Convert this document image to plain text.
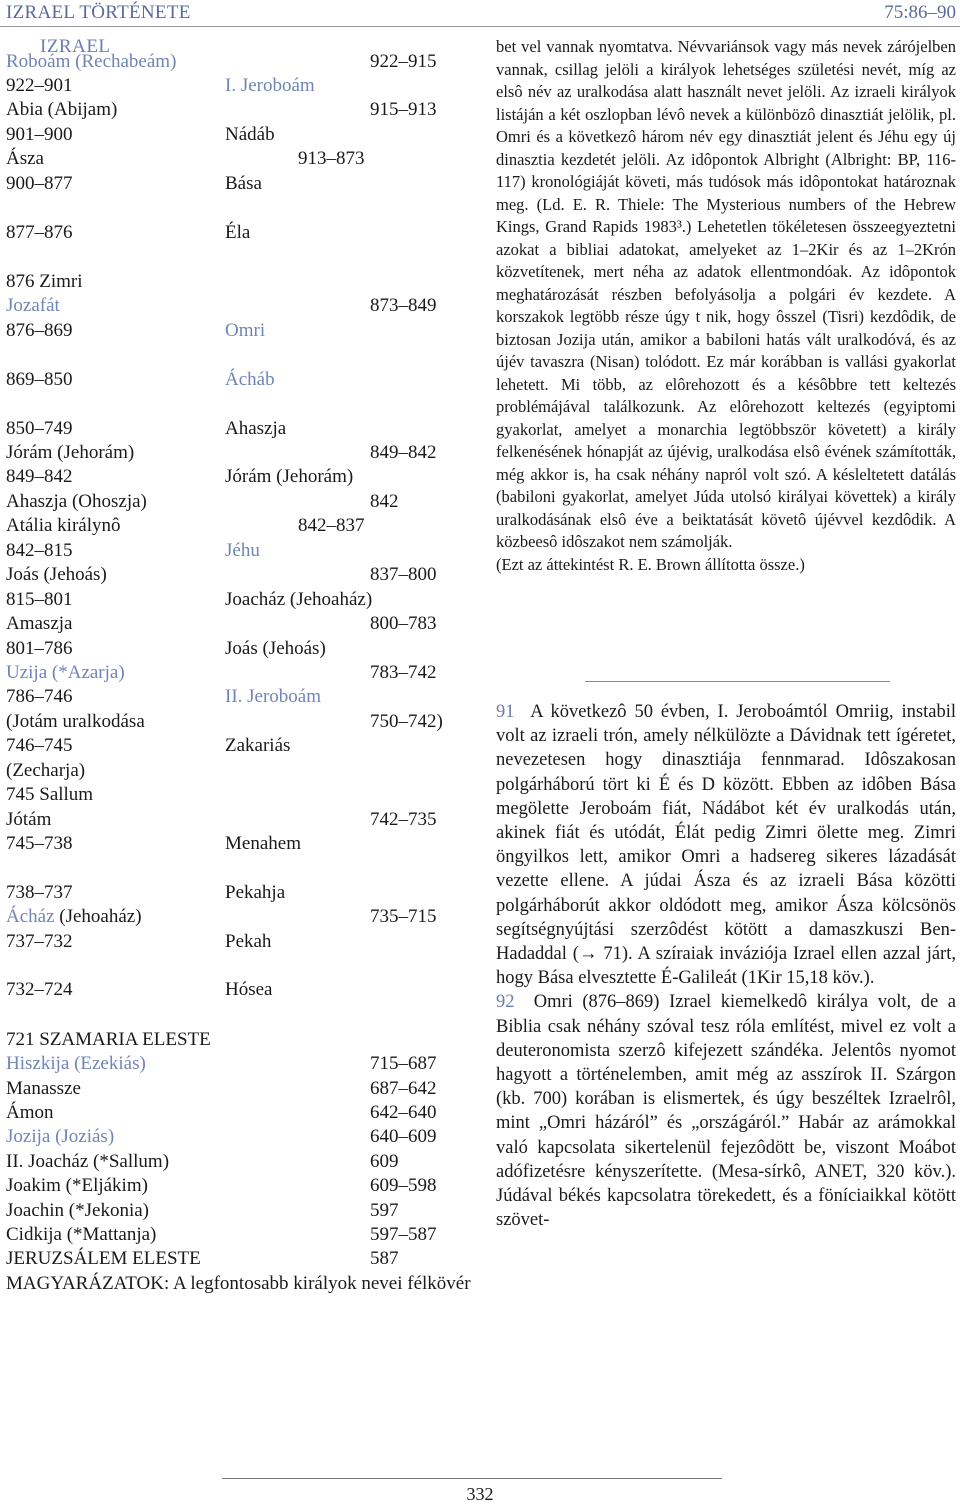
IZRAEL TÖRTÉNETE	75:86–90
IZRAEL
Roboám (Rechabeám)	922–915
922–901	I. Jeroboám
Abia (Abijam)	915–913
901–900	Nádáb
Ásza	913–873
900–877	Bása
877–876	Éla
876 Zimri
Jozafát	873–849
876–869	Omri
869–850	Ácháb
850–749	Ahaszja
Jórám (Jehorám)	849–842
849–842	Jórám (Jehorám)
Ahaszja (Ohoszja)	842
Atália királynô	842–837
842–815	Jéhu
Joás (Jehoás)	837–800
815–801	Joacház (Jehoaház)
Amaszja	800–783
801–786	Joás (Jehoás)
Uzija (*Azarja)	783–742
786–746	II. Jeroboám
(Jotám uralkodása	750–742)
746–745	Zakariás
(Zecharja)
745 Sallum
Jótám	742–735
745–738	Menahem
738–737	Pekahja
Ácház (Jehoaház)	735–715
737–732	Pekah
732–724	Hósea
721 SZAMARIA ELESTE
Hiszkija (Ezekiás)	715–687
Manassze	687–642
Ámon	642–640
Jozija (Joziás)	640–609
II. Joacház (*Sallum)	609
Joakim (*Eljákim)	609–598
Joachin (*Jekonia)	597
Cidkija (*Mattanja)	597–587
JERUZSÁLEM ELESTE	587
MAGYARÁZATOK: A legfontosabb királyok nevei félkövér

bet vel vannak nyomtatva. Névvariánsok vagy más nevek zárójelben vannak, csillag jelöli a királyok lehetséges születési nevét, míg az elsô név az uralkodása alatt használt nevet jelöli. Az izraeli királyok listáján a két oszlopban lévô nevek a különbözô dinasztiát jelölik, pl. Omri és a következô három név egy dinasztiát jelent és Jéhu egy új dinasztia kezdetét jelöli. Az idôpontok Albright (Albright: BP, 116-117) kronológiáját követi, más tudósok más idôpontokat határoznak meg. (Ld. E. R. Thiele: The Mysterious numbers of the Hebrew Kings, Grand Rapids 1983³.) Lehetetlen tökéletesen összeegyeztetni azokat a bibliai adatokat, amelyeket az 1–2Kir és az 1–2Krón közvetítenek, mert néha az adatok ellentmondóak. Az idôpontok meghatározását részben befolyásolja a polgári év kezdete. A korszakok legtöbb része úgy t nik, hogy ôsszel (Tisri) kezdôdik, de biztosan Jozija után, amikor a babiloni hatás vált uralkodóvá, és az újév tavaszra (Nisan) tolódott. Ez már korábban is vallási gyakorlat lehetett. Mi több, az elôrehozott és a késôbbre tett keltezés problémájával találkozunk. Az elôrehozott keltezés (egyiptomi gyakorlat, amelyet a monarchia legtöbbször követett) a király felkenésének hónapját az újévig, uralkodása elsô évének számították, még akkor is, ha csak néhány napról volt szó. A késleltetett datálás (babiloni gyakorlat, amelyet Júda utolsó királyai követtek) a király uralkodásának elsô éve a beiktatását követô újévvel kezdôdik. A közbeesô idôszakot nem számolják.

(Ezt az áttekintést R. E. Brown állította össze.)

91 A következô 50 évben, I. Jeroboámtól Omriig, instabil volt az izraeli trón, amely nélkülözte a Dávidnak tett ígéretet, nevezetesen hogy dinasztiája fennmarad. Idôszakosan polgárháború tört ki É és D között. Ebben az idôben Bása megölette Jeroboám fiát, Nádábot két év uralkodás után, akinek fiát és utódát, Élát pedig Zimri ölette meg. Zimri öngyilkos lett, amikor Omri a hadsereg sikeres lázadását vezette ellene. A júdai Ásza és az izraeli Bása közötti polgárháborút akkor oldódott meg, amikor Ásza kölcsönös segítségnyújtási szerzôdést kötött a damaszkuszi Ben-Hadaddal (→ 71). A szíraiak inváziója Izrael ellen azzal járt, hogy Bása elvesztette É-Galileát (1Kir 15,18 köv.).

92 Omri (876–869) Izrael kiemelkedô királya volt, de a Biblia csak néhány szóval tesz róla említést, mivel ez volt a deuteronomista szerzô kifejezett szándéka. Jelentôs nyomot hagyott a történelemben, amit még az asszírok II. Szárgon (kb. 700) korában is elismertek, és úgy beszéltek Izraelrôl, mint „Omri házáról” és „országáról.” Habár az arámokkal való kapcsolata sikertelenül fejezôdött be, viszont Moábot adófizetésre kényszerítette. (Mesa-sírkô, ANET, 320 köv.). Júdával békés kapcsolatra törekedett, és a föníciaikkal kötött szövet-

332
